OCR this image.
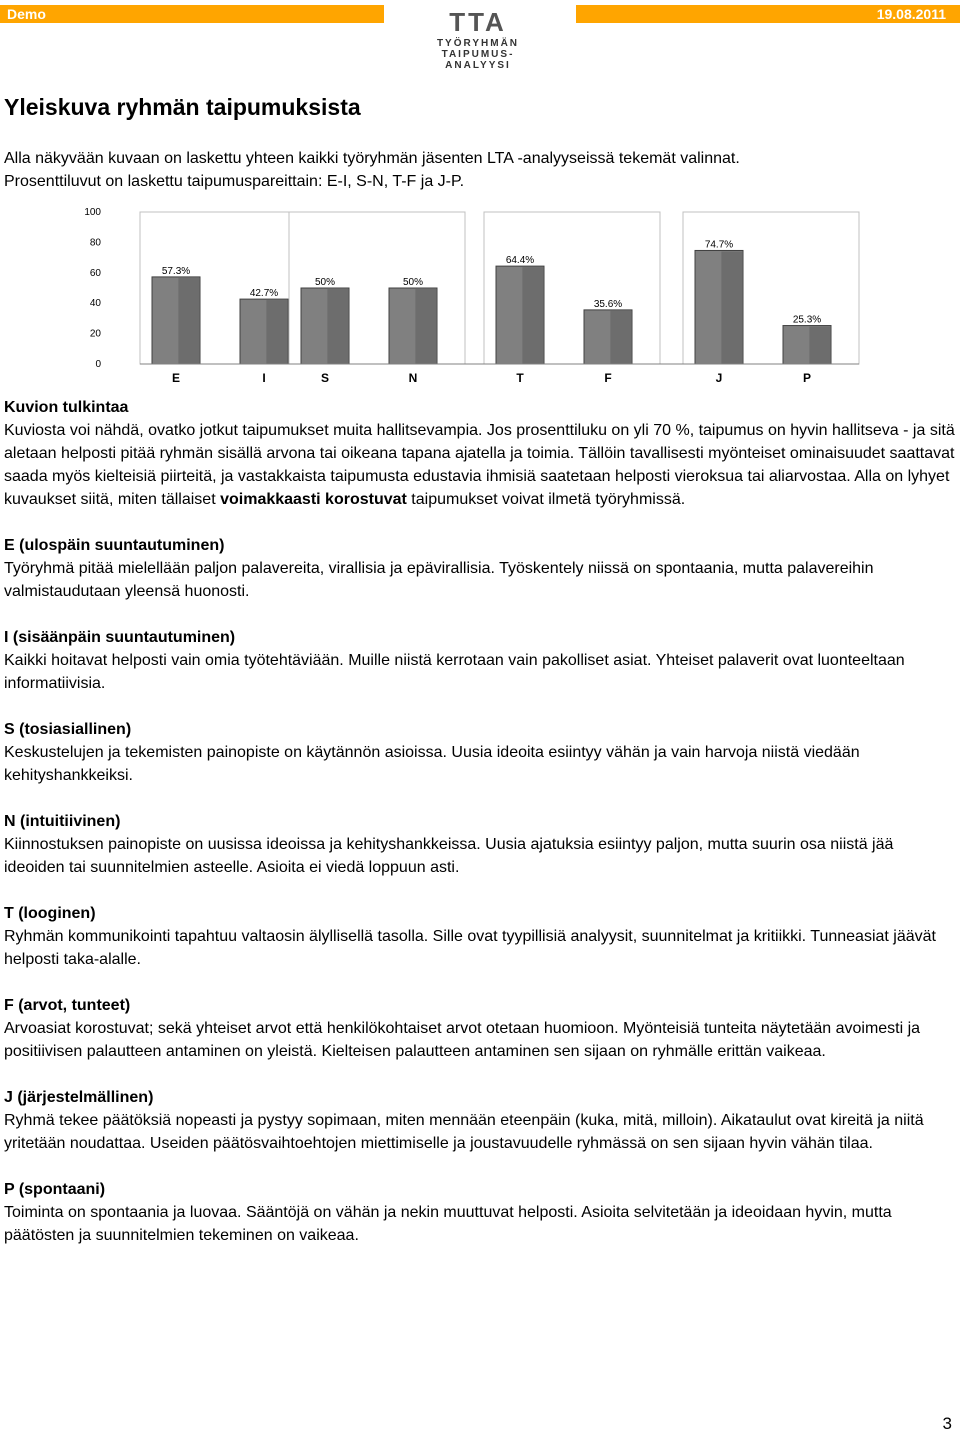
Demo	19.08.2011
TTA
TYÖRYHMÄN
TAIPUMUS-
ANALYYSI
Yleiskuva ryhmän taipumuksista
Alla näkyvään kuvaan on laskettu yhteen kaikki työryhmän jäsenten LTA -analyyseissä tekemät valinnat.
Prosenttiluvut on laskettu taipumuspareittain: E-I, S-N, T-F ja J-P.
0
20
40
60
80
100
57.3%
E
42.7%
I
50%
S
50%
N
64.4%
T
35.6%
F
74.7%
J
25.3%
P
Kuvion tulkintaa

Kuviosta voi nähdä, ovatko jotkut taipumukset muita hallitsevampia. Jos prosenttiluku on yli 70 %, taipumus on hyvin hallitseva - ja sitä aletaan helposti pitää ryhmän sisällä arvona tai oikeana tapana ajatella ja toimia. Tällöin tavallisesti myönteiset ominaisuudet saattavat saada myös kielteisiä piirteitä, ja vastakkaista taipumusta edustavia ihmisiä saatetaan helposti vieroksua tai aliarvostaa. Alla on lyhyet kuvaukset siitä, miten tällaiset voimakkaasti korostuvat taipumukset voivat ilmetä työryhmissä.

E (ulospäin suuntautuminen)

Työryhmä pitää mielellään paljon palavereita, virallisia ja epävirallisia. Työskentely niissä on spontaania, mutta palavereihin valmistaudutaan yleensä huonosti.

I (sisäänpäin suuntautuminen)

Kaikki hoitavat helposti vain omia työtehtäviään. Muille niistä kerrotaan vain pakolliset asiat. Yhteiset palaverit ovat luonteeltaan informatiivisia.

S (tosiasiallinen)

Keskustelujen ja tekemisten painopiste on käytännön asioissa. Uusia ideoita esiintyy vähän ja vain harvoja niistä viedään kehityshankkeiksi.

N (intuitiivinen)

Kiinnostuksen painopiste on uusissa ideoissa ja kehityshankkeissa. Uusia ajatuksia esiintyy paljon, mutta suurin osa niistä jää ideoiden tai suunnitelmien asteelle. Asioita ei viedä loppuun asti.

T (looginen)

Ryhmän kommunikointi tapahtuu valtaosin älyllisellä tasolla. Sille ovat tyypillisiä analyysit, suunnitelmat ja kritiikki. Tunneasiat jäävät helposti taka-alalle.

F (arvot, tunteet)

Arvoasiat korostuvat; sekä yhteiset arvot että henkilökohtaiset arvot otetaan huomioon. Myönteisiä tunteita näytetään avoimesti ja positiivisen palautteen antaminen on yleistä. Kielteisen palautteen antaminen sen sijaan on ryhmälle erittän vaikeaa.

J (järjestelmällinen)

Ryhmä tekee päätöksiä nopeasti ja pystyy sopimaan, miten mennään eteenpäin (kuka, mitä, milloin). Aikataulut ovat kireitä ja niitä yritetään noudattaa. Useiden päätösvaihtoehtojen miettimiselle ja joustavuudelle ryhmässä on sen sijaan hyvin vähän tilaa.

P (spontaani)

Toiminta on spontaania ja luovaa. Sääntöjä on vähän ja nekin muuttuvat helposti. Asioita selvitetään ja ideoidaan hyvin, mutta päätösten ja suunnitelmien tekeminen on vaikeaa.

3
